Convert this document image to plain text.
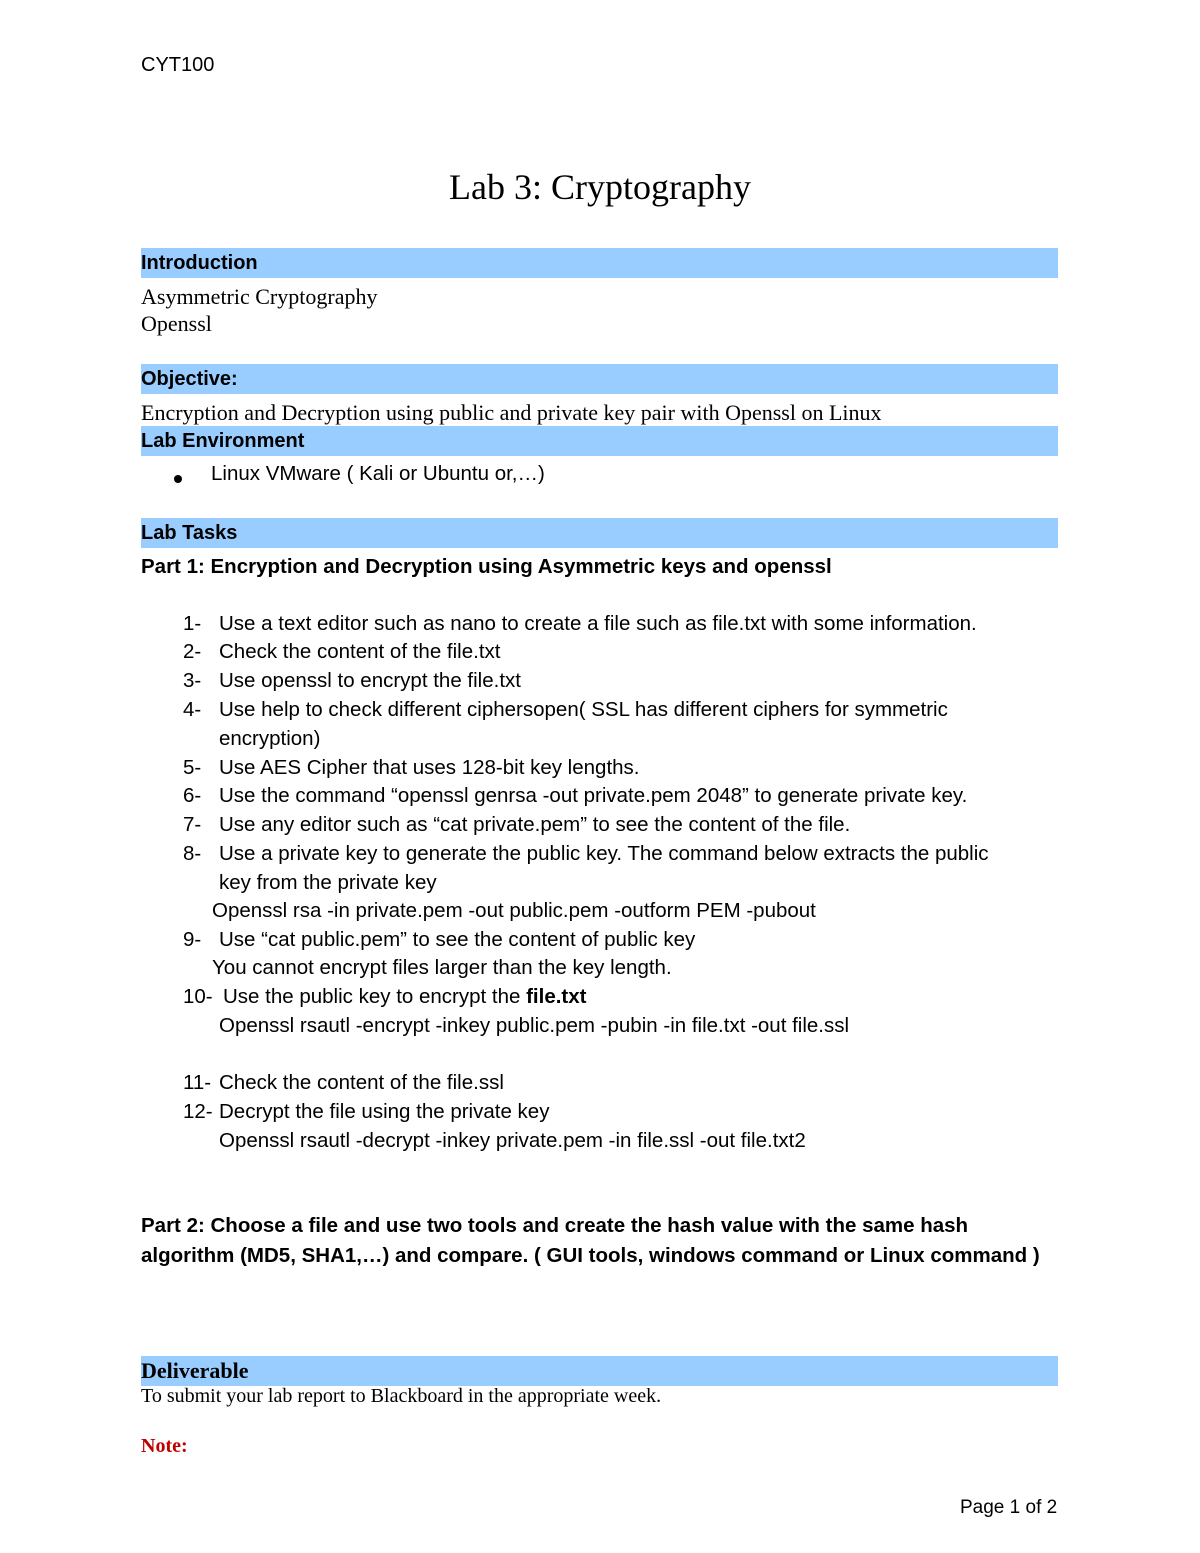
CYT100
Lab 3: Cryptography
Introduction
Asymmetric Cryptography
Openssl
Objective:
Encryption and Decryption using public and private key pair with Openssl on Linux
Lab Environment
Linux VMware ( Kali or Ubuntu or,…)
Lab Tasks
Part 1: Encryption and Decryption using Asymmetric keys and openssl
1- Use a text editor such as nano to create a file such as file.txt with some information.
2- Check the content of the file.txt
3- Use openssl to encrypt the file.txt
4- Use help to check different ciphersopen( SSL has different ciphers for symmetric
encryption)
5- Use AES Cipher that uses 128-bit key lengths.
6- Use the command “openssl genrsa -out private.pem 2048” to generate private key.
7- Use any editor such as “cat private.pem” to see the content of the file.
8- Use a private key to generate the public key. The command below extracts the public
key from the private key
Openssl rsa -in private.pem -out public.pem -outform PEM -pubout
9- Use “cat public.pem” to see the content of public key
You cannot encrypt files larger than the key length.
10- Use the public key to encrypt the file.txt
Openssl rsautl -encrypt -inkey public.pem -pubin -in file.txt -out file.ssl
11- Check the content of the file.ssl
12- Decrypt the file using the private key
Openssl rsautl -decrypt -inkey private.pem -in file.ssl -out file.txt2
Part 2: Choose a file and use two tools and create the hash value with the same hash
algorithm (MD5, SHA1,…) and compare. ( GUI tools, windows command or Linux command )
Deliverable
To submit your lab report to Blackboard in the appropriate week.
Note:
Page 1 of 2
